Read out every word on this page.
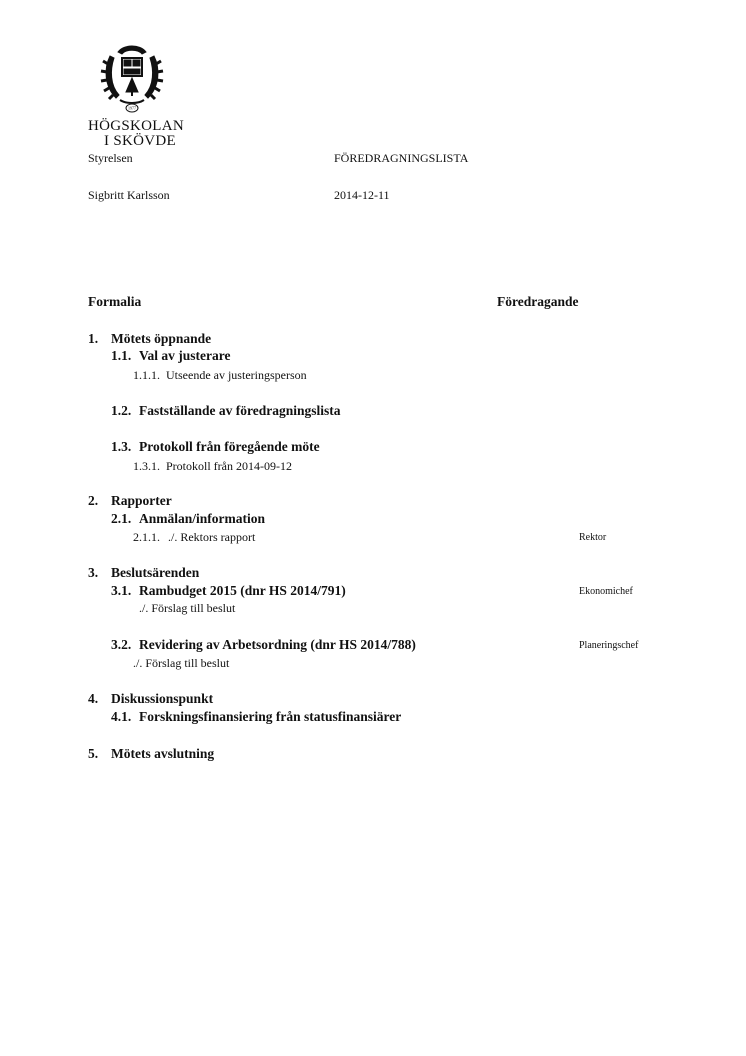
1977
HÖGSKOLAN
I SKÖVDE
Styrelsen	FÖREDRAGNINGSLISTA
Sigbritt Karlsson	2014-12-11
Formalia	Föredragande
1. Mötets öppnande
1.1. Val av justerare
1.1.1. Utseende av justeringsperson
1.2. Fastställande av föredragningslista
1.3. Protokoll från föregående möte
1.3.1. Protokoll från 2014-09-12
2. Rapporter
2.1. Anmälan/information
2.1.1. ./. Rektors rapport	Rektor
3. Beslutsärenden
3.1. Rambudget 2015 (dnr HS 2014/791)	Ekonomichef
./. Förslag till beslut
3.2. Revidering av Arbetsordning (dnr HS 2014/788)	Planeringschef
./. Förslag till beslut
4. Diskussionspunkt
4.1. Forskningsfinansiering från statusfinansiärer
5. Mötets avslutning
